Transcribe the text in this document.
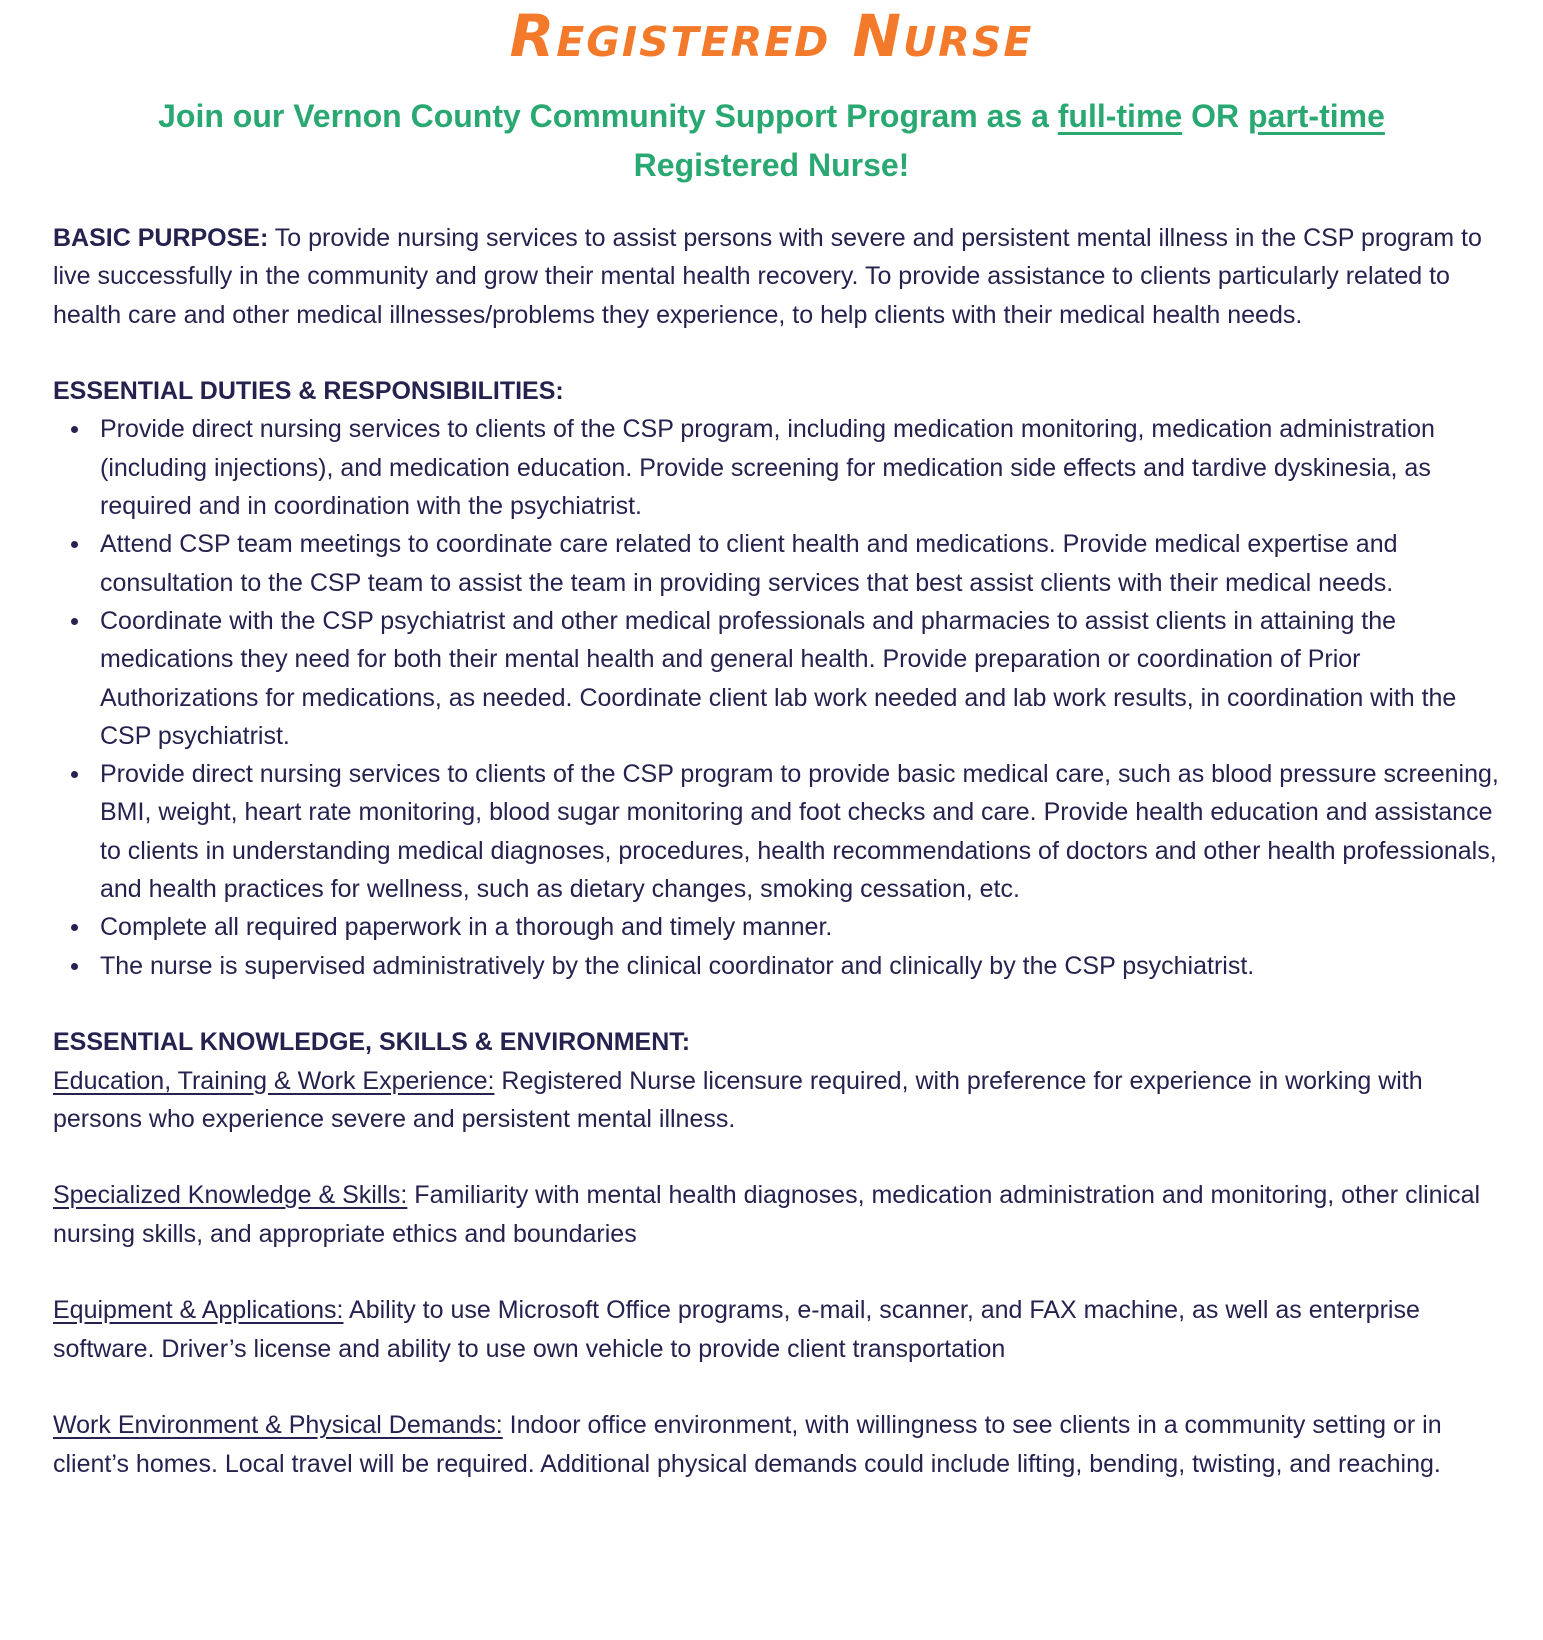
Registered Nurse
Join our Vernon County Community Support Program as a full-time OR part-time
Registered Nurse!

BASIC PURPOSE: To provide nursing services to assist persons with severe and persistent mental illness in the CSP program to live successfully in the community and grow their mental health recovery. To provide assistance to clients particularly related to health care and other medical illnesses/problems they experience, to help clients with their medical health needs.

ESSENTIAL DUTIES & RESPONSIBILITIES:

Provide direct nursing services to clients of the CSP program, including medication monitoring, medication administration (including injections), and medication education. Provide screening for medication side effects and tardive dyskinesia, as required and in coordination with the psychiatrist.
Attend CSP team meetings to coordinate care related to client health and medications. Provide medical expertise and consultation to the CSP team to assist the team in providing services that best assist clients with their medical needs.
Coordinate with the CSP psychiatrist and other medical professionals and pharmacies to assist clients in attaining the medications they need for both their mental health and general health. Provide preparation or coordination of Prior Authorizations for medications, as needed. Coordinate client lab work needed and lab work results, in coordination with the CSP psychiatrist.
Provide direct nursing services to clients of the CSP program to provide basic medical care, such as blood pressure screening, BMI, weight, heart rate monitoring, blood sugar monitoring and foot checks and care. Provide health education and assistance to clients in understanding medical diagnoses, procedures, health recommendations of doctors and other health professionals, and health practices for wellness, such as dietary changes, smoking cessation, etc.
Complete all required paperwork in a thorough and timely manner.
The nurse is supervised administratively by the clinical coordinator and clinically by the CSP psychiatrist.

ESSENTIAL KNOWLEDGE, SKILLS & ENVIRONMENT:

Education, Training & Work Experience: Registered Nurse licensure required, with preference for experience in working with persons who experience severe and persistent mental illness.

Specialized Knowledge & Skills: Familiarity with mental health diagnoses, medication administration and monitoring, other clinical nursing skills, and appropriate ethics and boundaries

Equipment & Applications: Ability to use Microsoft Office programs, e-mail, scanner, and FAX machine, as well as enterprise software. Driver’s license and ability to use own vehicle to provide client transportation

Work Environment & Physical Demands: Indoor office environment, with willingness to see clients in a community setting or in client’s homes. Local travel will be required. Additional physical demands could include lifting, bending, twisting, and reaching.
